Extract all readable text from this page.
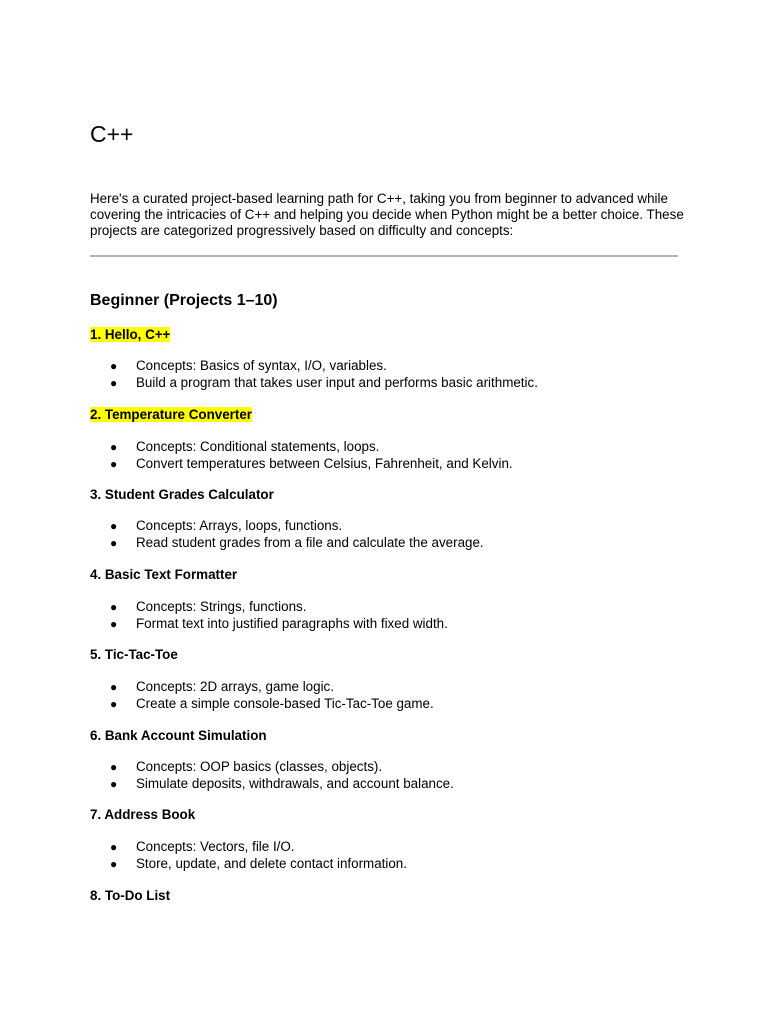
C++

Here's a curated project-based learning path for C++, taking you from beginner to advanced while covering the intricacies of C++ and helping you decide when Python might be a better choice. These projects are categorized progressively based on difficulty and concepts:

Beginner (Projects 1–10)
1. Hello, C++
● Concepts: Basics of syntax, I/O, variables.
● Build a program that takes user input and performs basic arithmetic.
2. Temperature Converter
● Concepts: Conditional statements, loops.
● Convert temperatures between Celsius, Fahrenheit, and Kelvin.
3. Student Grades Calculator
● Concepts: Arrays, loops, functions.
● Read student grades from a file and calculate the average.
4. Basic Text Formatter
● Concepts: Strings, functions.
● Format text into justified paragraphs with fixed width.
5. Tic-Tac-Toe
● Concepts: 2D arrays, game logic.
● Create a simple console-based Tic-Tac-Toe game.
6. Bank Account Simulation
● Concepts: OOP basics (classes, objects).
● Simulate deposits, withdrawals, and account balance.
7. Address Book
● Concepts: Vectors, file I/O.
● Store, update, and delete contact information.
8. To-Do List
